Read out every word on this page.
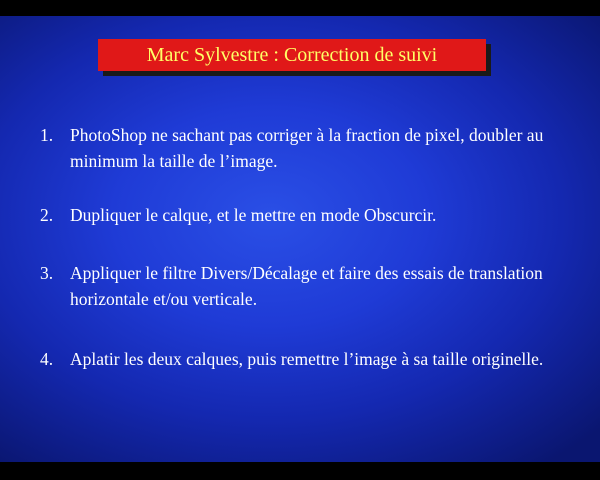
Marc Sylvestre : Correction de suivi
1. PhotoShop ne sachant pas corriger à la fraction de pixel, doubler au minimum la taille de l’image.
2. Dupliquer le calque, et le mettre en mode Obscurcir.
3. Appliquer le filtre Divers/Décalage et faire des essais de translation horizontale et/ou verticale.
4. Aplatir les deux calques, puis remettre l’image à sa taille originelle.
